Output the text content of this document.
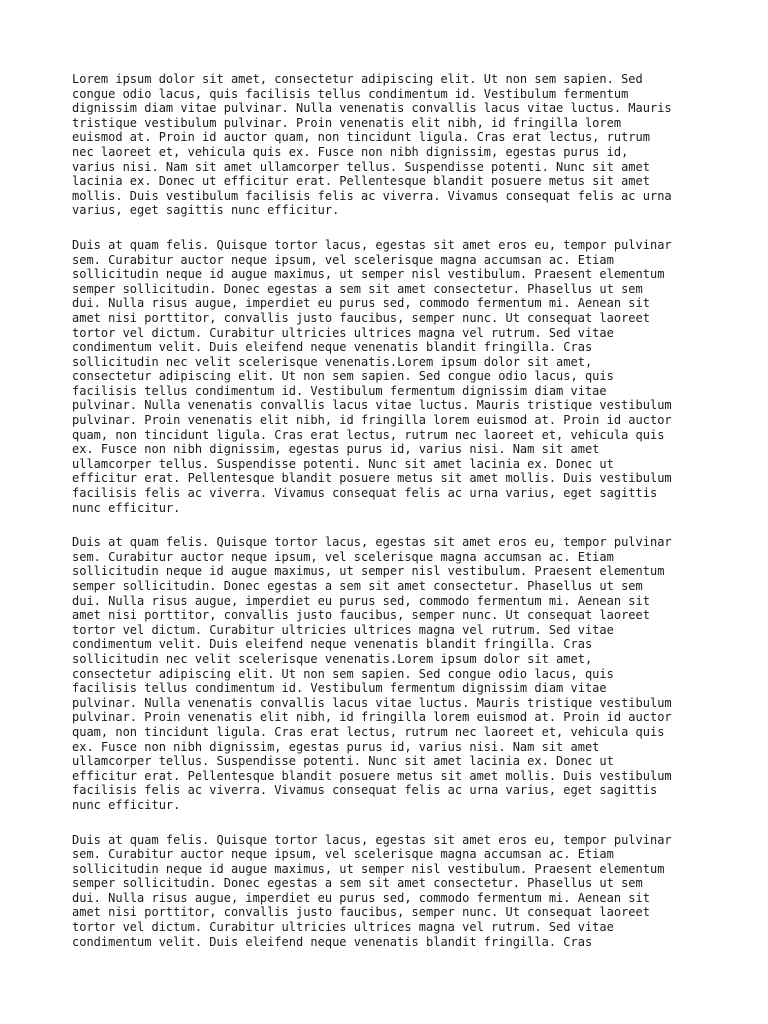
Lorem ipsum dolor sit amet, consectetur adipiscing elit. Ut non sem sapien. Sed
congue odio lacus, quis facilisis tellus condimentum id. Vestibulum fermentum
dignissim diam vitae pulvinar. Nulla venenatis convallis lacus vitae luctus. Mauris
tristique vestibulum pulvinar. Proin venenatis elit nibh, id fringilla lorem
euismod at. Proin id auctor quam, non tincidunt ligula. Cras erat lectus, rutrum
nec laoreet et, vehicula quis ex. Fusce non nibh dignissim, egestas purus id,
varius nisi. Nam sit amet ullamcorper tellus. Suspendisse potenti. Nunc sit amet
lacinia ex. Donec ut efficitur erat. Pellentesque blandit posuere metus sit amet
mollis. Duis vestibulum facilisis felis ac viverra. Vivamus consequat felis ac urna
varius, eget sagittis nunc efficitur.

Duis at quam felis. Quisque tortor lacus, egestas sit amet eros eu, tempor pulvinar
sem. Curabitur auctor neque ipsum, vel scelerisque magna accumsan ac. Etiam
sollicitudin neque id augue maximus, ut semper nisl vestibulum. Praesent elementum
semper sollicitudin. Donec egestas a sem sit amet consectetur. Phasellus ut sem
dui. Nulla risus augue, imperdiet eu purus sed, commodo fermentum mi. Aenean sit
amet nisi porttitor, convallis justo faucibus, semper nunc. Ut consequat laoreet
tortor vel dictum. Curabitur ultricies ultrices magna vel rutrum. Sed vitae
condimentum velit. Duis eleifend neque venenatis blandit fringilla. Cras
sollicitudin nec velit scelerisque venenatis.Lorem ipsum dolor sit amet,
consectetur adipiscing elit. Ut non sem sapien. Sed congue odio lacus, quis
facilisis tellus condimentum id. Vestibulum fermentum dignissim diam vitae
pulvinar. Nulla venenatis convallis lacus vitae luctus. Mauris tristique vestibulum
pulvinar. Proin venenatis elit nibh, id fringilla lorem euismod at. Proin id auctor
quam, non tincidunt ligula. Cras erat lectus, rutrum nec laoreet et, vehicula quis
ex. Fusce non nibh dignissim, egestas purus id, varius nisi. Nam sit amet
ullamcorper tellus. Suspendisse potenti. Nunc sit amet lacinia ex. Donec ut
efficitur erat. Pellentesque blandit posuere metus sit amet mollis. Duis vestibulum
facilisis felis ac viverra. Vivamus consequat felis ac urna varius, eget sagittis
nunc efficitur.

Duis at quam felis. Quisque tortor lacus, egestas sit amet eros eu, tempor pulvinar
sem. Curabitur auctor neque ipsum, vel scelerisque magna accumsan ac. Etiam
sollicitudin neque id augue maximus, ut semper nisl vestibulum. Praesent elementum
semper sollicitudin. Donec egestas a sem sit amet consectetur. Phasellus ut sem
dui. Nulla risus augue, imperdiet eu purus sed, commodo fermentum mi. Aenean sit
amet nisi porttitor, convallis justo faucibus, semper nunc. Ut consequat laoreet
tortor vel dictum. Curabitur ultricies ultrices magna vel rutrum. Sed vitae
condimentum velit. Duis eleifend neque venenatis blandit fringilla. Cras
sollicitudin nec velit scelerisque venenatis.Lorem ipsum dolor sit amet,
consectetur adipiscing elit. Ut non sem sapien. Sed congue odio lacus, quis
facilisis tellus condimentum id. Vestibulum fermentum dignissim diam vitae
pulvinar. Nulla venenatis convallis lacus vitae luctus. Mauris tristique vestibulum
pulvinar. Proin venenatis elit nibh, id fringilla lorem euismod at. Proin id auctor
quam, non tincidunt ligula. Cras erat lectus, rutrum nec laoreet et, vehicula quis
ex. Fusce non nibh dignissim, egestas purus id, varius nisi. Nam sit amet
ullamcorper tellus. Suspendisse potenti. Nunc sit amet lacinia ex. Donec ut
efficitur erat. Pellentesque blandit posuere metus sit amet mollis. Duis vestibulum
facilisis felis ac viverra. Vivamus consequat felis ac urna varius, eget sagittis
nunc efficitur.

Duis at quam felis. Quisque tortor lacus, egestas sit amet eros eu, tempor pulvinar
sem. Curabitur auctor neque ipsum, vel scelerisque magna accumsan ac. Etiam
sollicitudin neque id augue maximus, ut semper nisl vestibulum. Praesent elementum
semper sollicitudin. Donec egestas a sem sit amet consectetur. Phasellus ut sem
dui. Nulla risus augue, imperdiet eu purus sed, commodo fermentum mi. Aenean sit
amet nisi porttitor, convallis justo faucibus, semper nunc. Ut consequat laoreet
tortor vel dictum. Curabitur ultricies ultrices magna vel rutrum. Sed vitae
condimentum velit. Duis eleifend neque venenatis blandit fringilla. Cras
